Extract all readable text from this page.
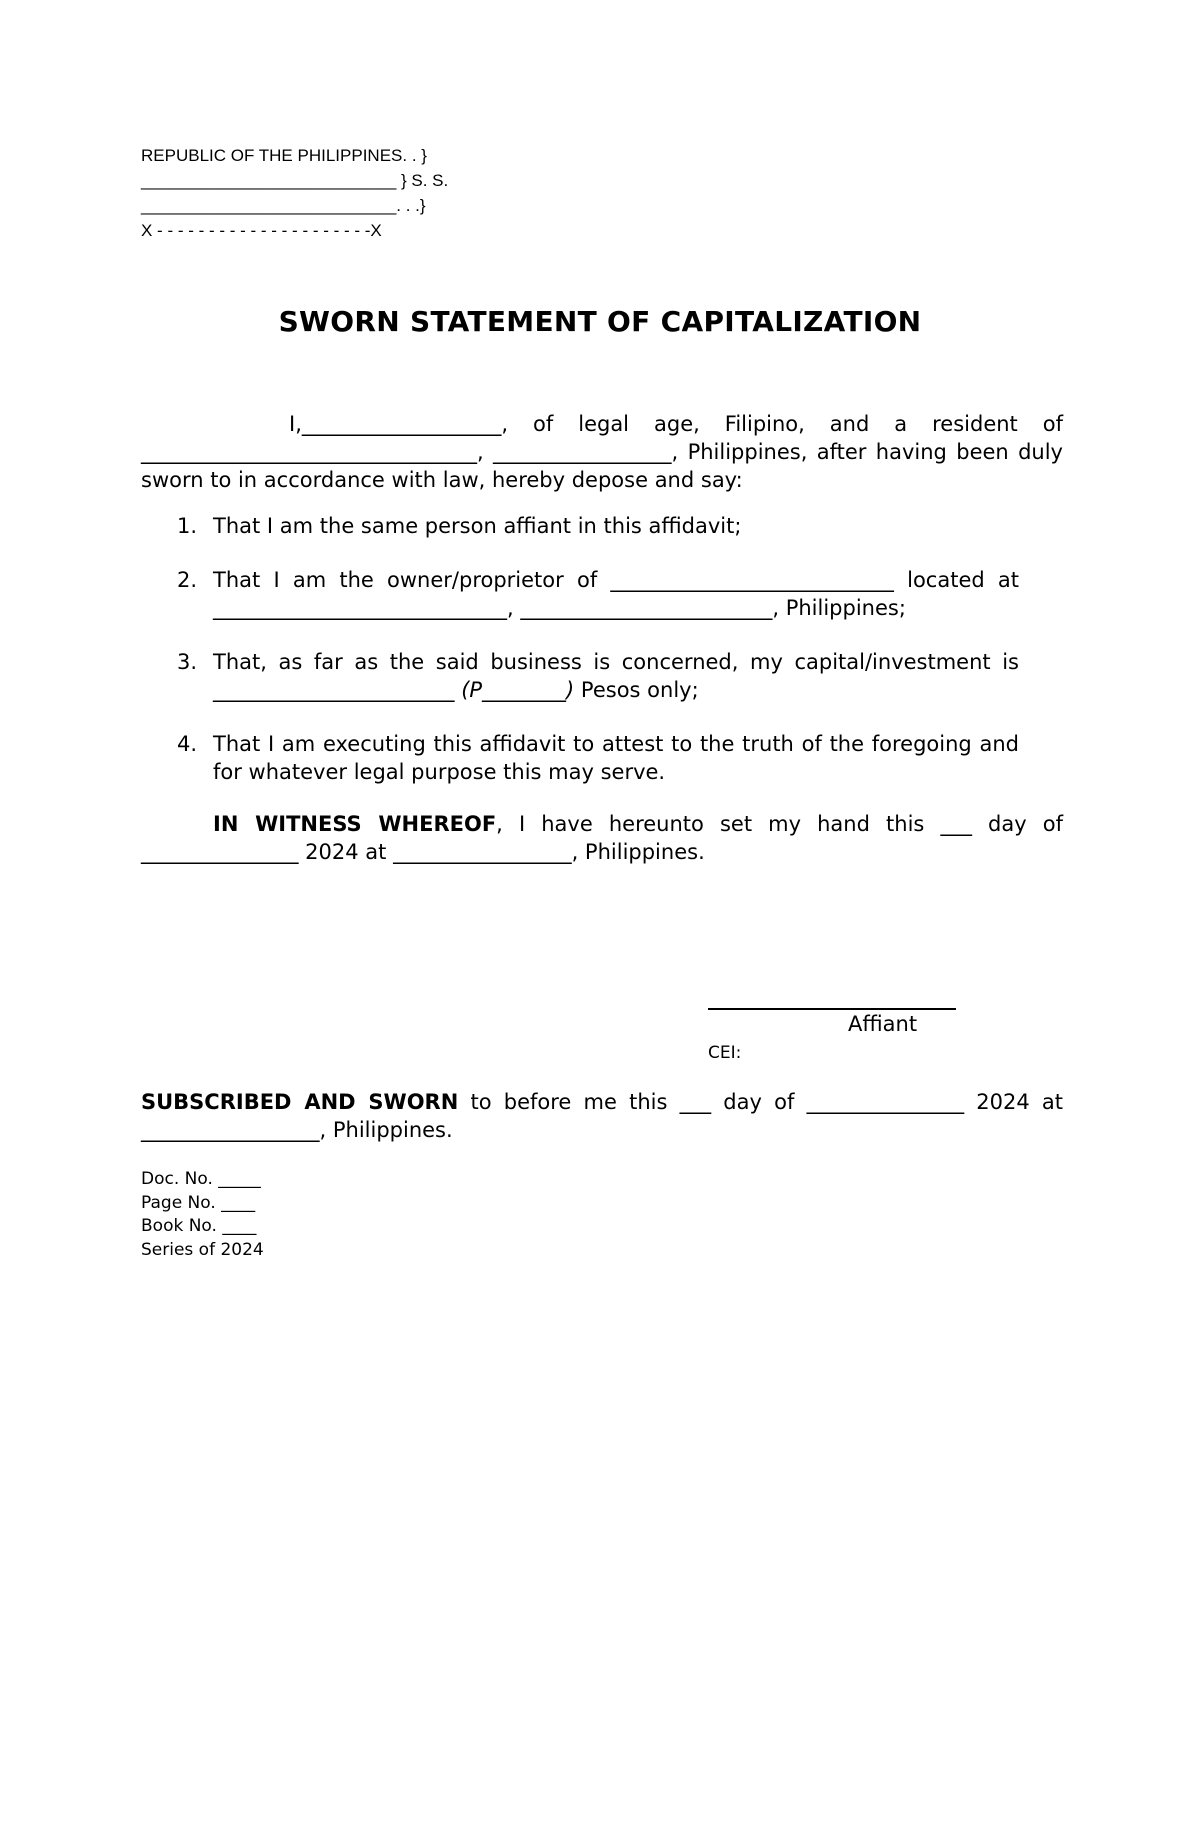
REPUBLIC OF THE PHILIPPINES. . }
___________________________ } S. S.
___________________________. . .}
X - - - - - - - - - - - - - - - - - - - - -X
SWORN STATEMENT OF CAPITALIZATION

I,___________________, of legal age, Filipino, and a resident of ________________________________, _________________, Philippines, after having been duly sworn to in accordance with law, hereby depose and say:

1. That I am the same person affiant in this affidavit;
2. That I am the owner/proprietor of ___________________________ located at ____________________________, ________________________, Philippines;
3. That, as far as the said business is concerned, my capital/investment is _______________________ (P________) Pesos only;
4. That I am executing this affidavit to attest to the truth of the foregoing and for whatever legal purpose this may serve.

IN WITNESS WHEREOF, I have hereunto set my hand this ___ day of _______________ 2024 at _________________, Philippines.

Affiant
CEI:

SUBSCRIBED AND SWORN to before me this ___ day of _______________ 2024 at _________________, Philippines.

Doc. No. _____
Page No. ____
Book No. ____
Series of 2024
